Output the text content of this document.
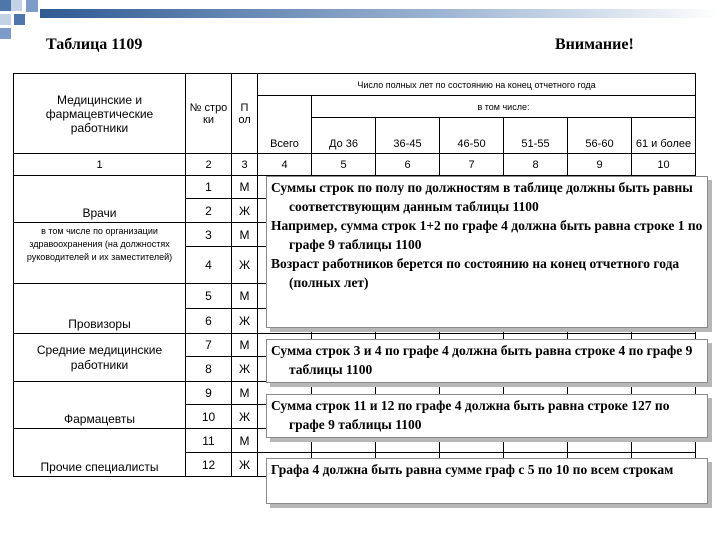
Таблица 1109	Внимание!
Медицинские и фармацевтические работники	№ стро ки	П ол	Число полных лет по состоянию на конец отчетного года						
			Всего	в том числе:					
				До 36	36-45	46-50	51-55	56-60	61 и более
1	2	3	4	5	6	7	8	9	10
Врачи	1	М							
	2	Ж							
в том числе по организации здравоохранения (на должностях руководителей и их заместителей)	3	М							
	4	Ж							
Провизоры	5	М							
	6	Ж							
Средние медицинские работники	7	М							
	8	Ж							
Фармацевты	9	М							
	10	Ж							
Прочие специалисты	11	М							
	12	Ж							

Суммы строк по полу по должностям в таблице должны быть равны соответствующим данным таблицы 1100

Например, сумма строк 1+2 по графе 4 должна быть равна строке 1 по графе 9 таблицы 1100

Возраст работников берется по состоянию на конец отчетного года (полных лет)

Сумма строк 3 и 4 по графе 4 должна быть равна строке 4 по графе 9 таблицы 1100

Сумма строк 11 и 12 по графе 4 должна быть равна строке 127 по графе 9 таблицы 1100

Графа 4 должна быть равна сумме граф с 5 по 10 по всем строкам
